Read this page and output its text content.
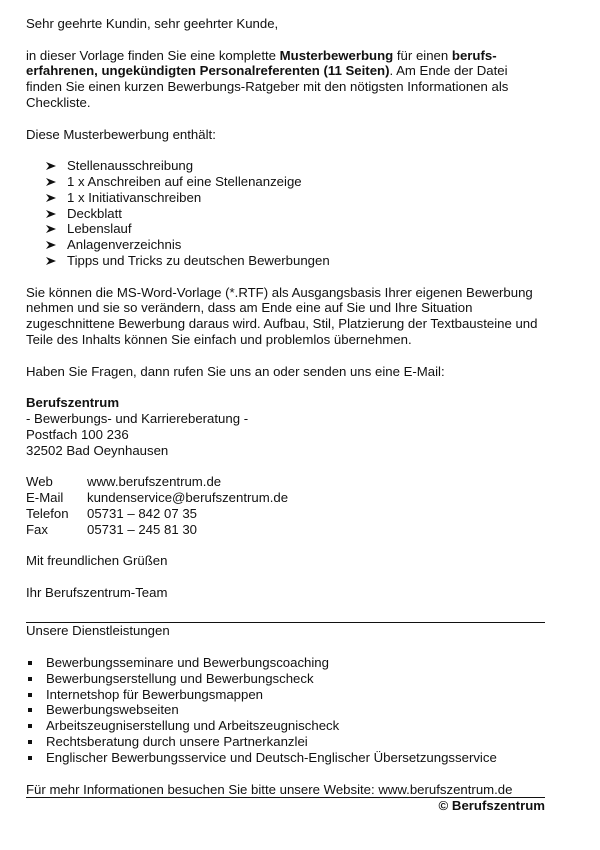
Sehr geehrte Kundin, sehr geehrter Kunde,

in dieser Vorlage finden Sie eine komplette Musterbewerbung für einen berufs-erfahrenen, ungekündigten Personalreferenten (11 Seiten). Am Ende der Datei finden Sie einen kurzen Bewerbungs-Ratgeber mit den nötigsten Informationen als Checkliste.

Diese Musterbewerbung enthält:

Stellenausschreibung
1 x Anschreiben auf eine Stellenanzeige
1 x Initiativanschreiben
Deckblatt
Lebenslauf
Anlagenverzeichnis
Tipps und Tricks zu deutschen Bewerbungen

Sie können die MS-Word-Vorlage (*.RTF) als Ausgangsbasis Ihrer eigenen Bewerbung nehmen und sie so verändern, dass am Ende eine auf Sie und Ihre Situation zugeschnittene Bewerbung daraus wird. Aufbau, Stil, Platzierung der Textbausteine und Teile des Inhalts können Sie einfach und problemlos übernehmen.

Haben Sie Fragen, dann rufen Sie uns an oder senden uns eine E-Mail:

Berufszentrum

- Bewerbungs- und Karriereberatung -

Postfach 100 236

32502 Bad Oeynhausen

Web	www.berufszentrum.de
E-Mail	kundenservice@berufszentrum.de
Telefon	05731 – 842 07 35
Fax	05731 – 245 81 30

Mit freundlichen Grüßen

Ihr Berufszentrum-Team

Unsere Dienstleistungen

Bewerbungsseminare und Bewerbungscoaching
Bewerbungserstellung und Bewerbungscheck
Internetshop für Bewerbungsmappen
Bewerbungswebseiten
Arbeitszeugniserstellung und Arbeitszeugnischeck
Rechtsberatung durch unsere Partnerkanzlei
Englischer Bewerbungsservice und Deutsch-Englischer Übersetzungsservice

Für mehr Informationen besuchen Sie bitte unsere Website: www.berufszentrum.de

© Berufszentrum
